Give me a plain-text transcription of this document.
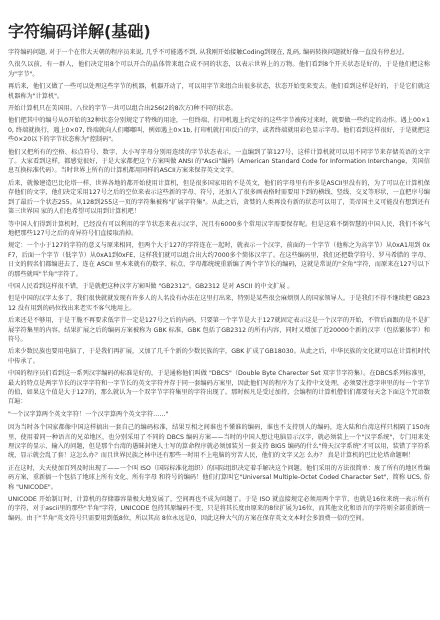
字符编码详解(基础)

字符编码问题, 对于一个在伟大天朝的程序员来说, 几乎不可能遇不到, 从我刚开始接触Coding到现在, 乱码, 编码转换问题就好像一直没有停息过。

久很久以前，有一群人，他们决定用8个可以开合的晶体管来组合成不同的状态，以表示世界上的万物。他们看到8个开关状态是好的，于是他们把这称为"字节"。

再后来，他们又做了一些可以处理这些字节的机器，机器开动了，可以用字节来组合出很多状态，状态开始变来变去。他们看到这样是好的，于是它们就这机器称为"计算机"。

开始计算机只在美国用。八位的字节一共可以组合出256(2的8次方)种不同的状态。

他们把其中的编号从0开始的32种状态分别规定了特殊的用途，一但终端、打印机遇上约定好的这些字节被传过来时，就要做一些约定的动作。遇上00×10, 终端就换行，遇上0×07, 终端就向人们嘟嘟叫，例如遇上0×1b, 打印机就打印反白的字，或者终端就用彩色显示字母。他们看到这样很好，于是就把这些0×20以下的字节状态称为"控制码"。

他们又把所有的空格、标点符号、数字、大小写字母分别用连续的字节状态表示，一直编到了第127号，这样计算机就可以用不同字节来存储英语的文字了。大家看到这样，都感觉很好，于是大家都把这个方案叫做 ANSI 的"Ascii"编码（American Standard Code for Information Interchange，美国信息互换标准代码）。当时世界上所有的计算机都用同样的ASCII方案来保存英文文字。

后来，就像建造巴比伦塔一样，世界各地的都开始使用计算机，但是很多国家用的不是英文，他们的字母里有许多是ASCII里没有的，为了可以在计算机保存他们的文字，他们决定采用127号之后的空位来表示这些新的字母、符号，还加入了很多画表格时需要用下到的横线、竖线、交叉等形状，一直把序号编到了最后一个状态255。从128到255这一页的字符集被称"扩展字符集"。从此之后，贪婪的人类再没有新的状态可以用了，美帝国主义可能没有想到还有第三世界国 家的人们也希望可以用到计算机吧！

等中国人们得到计算机时，已经没有可以利用的字节状态来表示汉字，况且有6000多个常用汉字需要保存呢。但是这难不倒智慧的中国人民，我们不客气地把那些127号之后的奇异符号们直接取消掉。

规定：一个小于127的字符的意义与原来相同，但两个大于127的字符连在一起时，就表示一个汉字，前面的一个字节（他称之为高字节）从0xA1用到 0xF7，后面一个字节（低字节）从0xA1到0xFE，这样我们就可以组合出大约7000多个简体汉字了。在这些编码里，我们还把数学符号、罗马希腊的 字母、日文的假名们都编进去了，连在 ASCII 里本来就有的数字、标点、字母都统统重新编了两个字节长的编码，这就是常说的"全角"字符，而原来在127号以下的那些就叫"半角"字符了。

中国人民看到这样很不错，于是就把这种汉字方案叫做 "GB2312"。GB2312 是对 ASCII 的中文扩展 。

但是中国的汉字太多了，我们很快就就发现有许多人的人名没有办法在这里打出来，特别是某些很会麻烦别人的国家领导人。于是我们不得不继续把 GB2312 没有用到的码位找出来老实不客气地用上。

后来还是不够用，于是干脆不再要求低字节一定是127号之后的内码，只要第一个字节是大于127就固定表示这是一个汉字的开始，不管后面跟的是不是扩展字符集里的内容。结果扩展之后的编码方案被称为 GBK 标准，GBK 包括了GB2312 的所有内容，同时又增加了近20000个新的汉字（包括繁体字）和符号。

后来少数民族也要用电脑了，于是我们再扩展，又加了几千个新的少数民族的字，GBK 扩成了GB18030。从此之后，中华民族的文化就可以在计算机时代中传承了。

中国的程序员们看到这一系列汉字编码的标准是好的，于是通称他们叫做 "DBCS"（Double Byte Charecter Set 双字节字符集）。在DBCS系列标准里，最大的特点是两字节长的汉字字符和一字节长的英文字符并存于同一套编码方案里，因此他们写的程序为了支持中文处理，必须要注意字串里的每一个字节的值，如果这个值是大于127的，那么就认为一个双字节字符集里的字符出现了。那时候凡是受过加持，会编程的计算机僧侣们都要每天念下面这个咒语数百遍：

"一个汉字算两个英文字符！一个汉字算两个英文字符……"

因为当时各个国家都像中国这样搞出一套自己的编码标准，结果互相之间谁也不懂谁的编码，谁也不支持别人的编码，连大陆和台湾这样只相隔了150海里，使用着同一种语言的兄弟地区，也分别采用了不同的 DBCS 编码方案——当时的中国人想让电脑显示汉字，就必须装上一个"汉字系统"，专门用来处理汉字的显示、输入的问题，但是那个台湾的愚昧封建人士写的算命程序就必须加装另一套支持 BIG5 编码的什么"倚天汉字系统"才可以用，装错了字符系统，显示就会乱了套！这怎么办？而且世界民族之林中还有那些一时用不上电脑的穷苦人民，他们的文字又怎 么办？ 真是计算机的巴比伦塔命题啊！

正在这时，大天使加百列及时出现了——一个叫 ISO（国际标准化组织）的国际组织决定着手解决这个问题。他们采用的方法很简单：废了所有的地区性编码方案，重新搞一个包括了地球上所有文化、所有字母 和符号的编码！他们打算叫它"Universal Multiple-Octet Coded Character Set"，简称 UCS, 俗称 "UNICODE"。

UNICODE 开始制订时，计算机的存储器容量极大地发展了，空间再也不成为问题了。于是 ISO 就直接规定必须用两个字节，也就是16位来统一表示所有的字符，对于ascii里的那些"半角"字符，UNICODE 包持其原编码不变，只是将其长度由原来的8位扩展为16位，而其他文化和语言的字符则全部重新统一编码。由于"半角"英文符号只需要用到低8位，所以其高 8位永远是0，因此这种大气的方案在保存英文文本时会多浪费一倍的空间。
